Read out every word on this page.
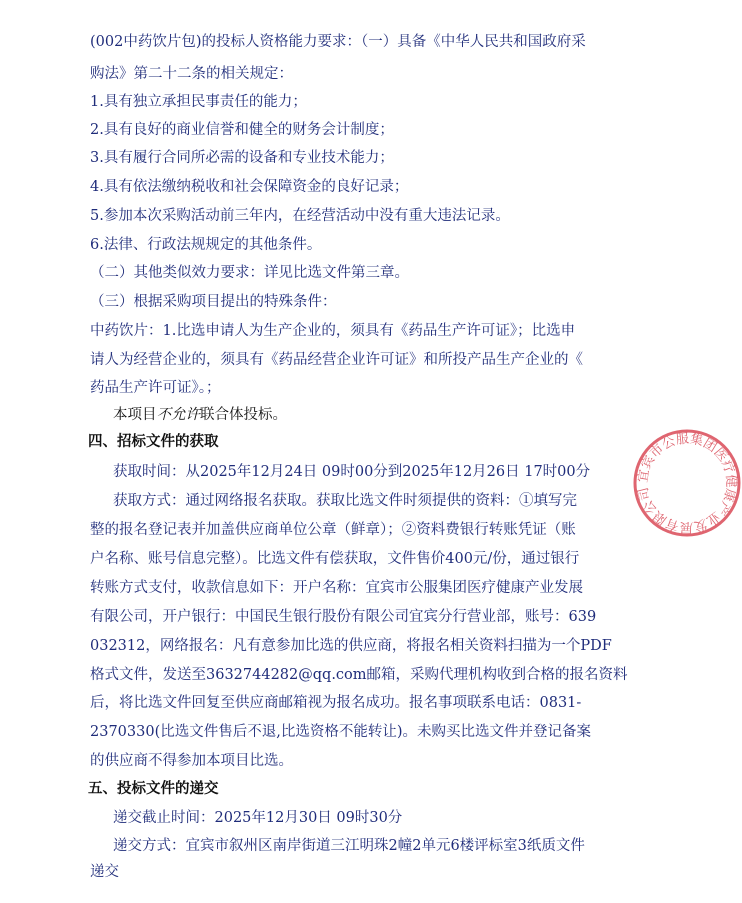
(002中药饮片包)的投标人资格能力要求：（一）具备《中华人民共和国政府采
购法》第二十二条的相关规定：
1.具有独立承担民事责任的能力；
2.具有良好的商业信誉和健全的财务会计制度；
3.具有履行合同所必需的设备和专业技术能力；
4.具有依法缴纳税收和社会保障资金的良好记录；
5.参加本次采购活动前三年内，在经营活动中没有重大违法记录。
6.法律、行政法规规定的其他条件。
（二）其他类似效力要求：详见比选文件第三章。
（三）根据采购项目提出的特殊条件：
中药饮片：1.比选申请人为生产企业的，须具有《药品生产许可证》；比选申
请人为经营企业的，须具有《药品经营企业许可证》和所投产品生产企业的《
药品生产许可证》。；
本项目不允许联合体投标。
四、招标文件的获取
获取时间：从2025年12月24日 09时00分到2025年12月26日 17时00分
获取方式：通过网络报名获取。获取比选文件时须提供的资料：①填写完
整的报名登记表并加盖供应商单位公章（鲜章）；②资料费银行转账凭证（账
户名称、账号信息完整）。比选文件有偿获取，文件售价400元/份，通过银行
转账方式支付，收款信息如下：开户名称：宜宾市公服集团医疗健康产业发展
有限公司，开户银行：中国民生银行股份有限公司宜宾分行营业部，账号：639
032312，网络报名：凡有意参加比选的供应商，将报名相关资料扫描为一个PDF
格式文件，发送至3632744282@qq.com邮箱，采购代理机构收到合格的报名资料
后，将比选文件回复至供应商邮箱视为报名成功。报名事项联系电话：0831-
2370330(比选文件售后不退,比选资格不能转让)。未购买比选文件并登记备案
的供应商不得参加本项目比选。
五、投标文件的递交
递交截止时间：2025年12月30日 09时30分
递交方式：宜宾市叙州区南岸街道三江明珠2幢2单元6楼评标室3纸质文件
递交
宜宾市公服集团医疗健康产业发展有限公司
